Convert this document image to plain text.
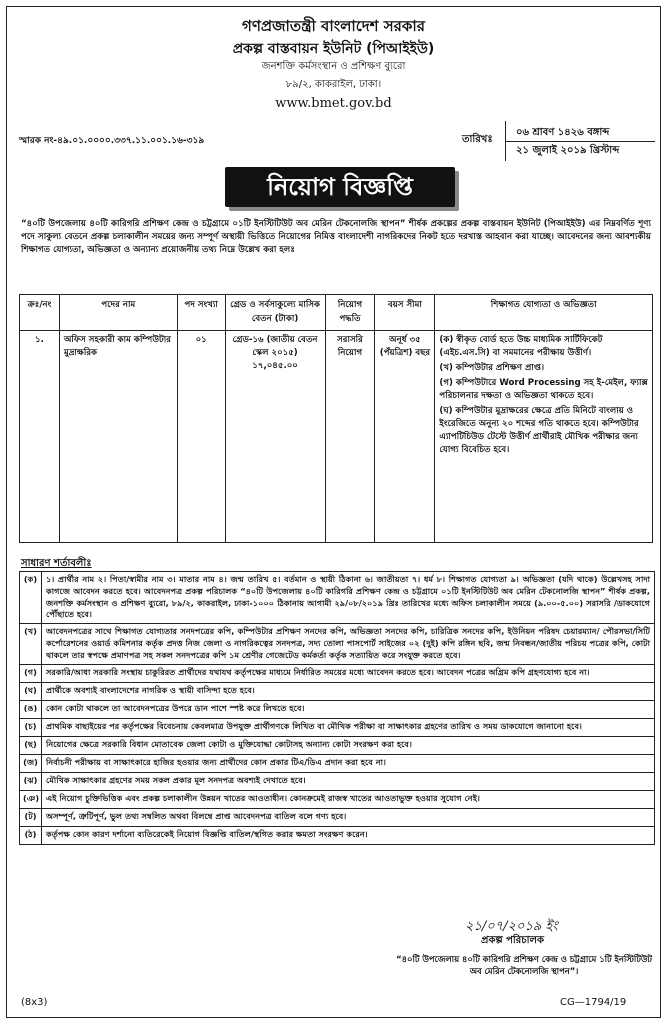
গণপ্রজাতন্ত্রী বাংলাদেশ সরকার
প্রকল্প বাস্তবায়ন ইউনিট (পিআইইউ)
জনশক্তি কর্মসংস্থান ও প্রশিক্ষণ ব্যুরো
৮৯/২, কাকরাইল, ঢাকা।
www.bmet.gov.bd
স্মারক নং-৪৯.০১.০০০০.৩৩৭.১১.০০১.১৬-৩১৯	তারিখঃ
০৬ শ্রাবণ ১৪২৬ বঙ্গাব্দ
২১ জুলাই ২০১৯ খ্রিস্টাব্দ
নিয়োগ বিজ্ঞপ্তি
“৪০টি উপজেলায় ৪০টি কারিগরি প্রশিক্ষণ কেন্দ্র ও চট্টগ্রামে ০১টি ইনস্টিটিউট অব মেরিন টেকনোলজি স্থাপন” শীর্ষক প্রকল্পের প্রকল্প বাস্তবায়ন ইউনিট (পিআইইউ) এর নিম্নবর্ণিত শূণ্য পদে সাকুল্য বেতনে প্রকল্প চলাকালীন সময়ের জন্য সম্পূর্ণ অস্থায়ী ভিত্তিতে নিয়োগের নিমিত্ত বাংলাদেশী নাগরিকদের নিকট হতে দরখাস্ত আহবান করা যাচ্ছে। আবেদনের জন্য আবশ্যকীয় শিক্ষাগত যোগ্যতা, অভিজ্ঞতা ও অন্যান্য প্রয়োজনীয় তথ্য নিম্নে উল্লেখ করা হলঃ
ক্রঃ/নং	পদের নাম	পদ সংখ্যা	গ্রেড ও সর্বসাকুল্যে মাসিক বেতন (টাকা)	নিয়োগ পদ্ধতি	বয়স সীমা	শিক্ষাগত যোগ্যতা ও অভিজ্ঞতা
১.	অফিস সহকারী কাম কম্পিউটার মুদ্রাক্ষরিক	০১	গ্রেড-১৬ (জাতীয় বেতন স্কেল ২০১৫) ১৭,০৪৫.০০	সরাসরি নিয়োগ	অনূর্ধ ৩৫ (পঁয়ত্রিশ) বছর	(ক) স্বীকৃত বোর্ড হতে উচ্চ মাধ্যমিক সার্টিফিকেট (এইচ.এস.সি) বা সমমানের পরীক্ষায় উত্তীর্ণ।
(খ) কম্পিউটার প্রশিক্ষণ প্রাপ্ত।
(গ) কম্পিউটারে Word Processing সহ ই-মেইল, ফ্যাক্স পরিচালনার দক্ষতা ও অভিজ্ঞতা থাকতে হবে।
(ঘ) কম্পিউটার মুদ্রাক্ষরের ক্ষেত্রে প্রতি মিনিটে বাংলায় ও ইংরেজিতে অনুন্য ২০ শব্দের গতি থাকতে হবে। কম্পিউটার এ্যাপটিচিউড টেস্টে উত্তীর্ণ প্রার্থীরাই মৌখিক পরীক্ষার জন্য যোগ্য বিবেচিত হবে।
সাধারণ শর্তাবলীঃ
(ক)	১। প্রার্থীর নাম ২। পিতা/স্বামীর নাম ৩। মাতার নাম ৪। জন্ম তারিখ ৫। বর্তমান ও স্থায়ী ঠিকানা ৬। জাতীয়তা ৭। ধর্ম ৮। শিক্ষাগত যোগ্যতা ৯। অভিজ্ঞতা (যদি থাকে) উল্লেখসহ সাদা কাগজে আবেদন করতে হবে। আবেদনপত্র প্রকল্প পরিচালক “৪০টি উপজেলায় ৪০টি কারিগরি প্রশিক্ষণ কেন্দ্র ও চট্টগ্রামে ০১টি ইনস্টিটিউট অব মেরিন টেকনোলজি স্থাপন” শীর্ষক প্রকল্প, জনশক্তি কর্মসংস্থান ও প্রশিক্ষণ ব্যুরো, ৮৯/২, কাকরাইল, ঢাকা-১০০০ ঠিকানায় আগামী ২৯/০৮/২০১৯ খ্রিঃ তারিখের মধ্যে অফিস চলাকালীন সময়ে (৯.০০-৫.০০) সরাসরি /ডাকযোগে পৌঁছাতে হবে।
(খ)	আবেদনপত্রের সাথে শিক্ষাগত যোগ্যতার সনদপত্রের কপি, কম্পিউটার প্রশিক্ষণ সনদের কপি, অভিজ্ঞতা সনদের কপি, চারিত্রিক সনদের কপি, ইউনিয়ন পরিষদ চেয়ারম্যান/ পৌরসভা/সিটি কর্পোরেশনের ওয়ার্ড কমিশনার কর্তৃক প্রদত্ত নিজ জেলা ও নাগরিকত্বের সনদপত্র, সদ্য তোলা পাসপোর্ট সাইজের ০২ (দুই) কপি রঙ্গিন ছবি, জন্ম নিবন্ধন/জাতীয় পরিচয় পত্রের কপি, কোটা থাকলে তার স্বপক্ষে প্রমাণপত্র সহ সকল সনদপত্রের কপি ১ম শ্রেণীর গেজেটেড কর্মকর্তা কর্তৃক সত্যায়িত করে সংযুক্ত করতে হবে।
(গ)	সরকারি/আধা সরকারি সংস্থায় চাকুরিরত প্রার্থীদের যথাযথ কর্তৃপক্ষের মাধ্যমে নির্ধারিত সময়ের মধ্যে আবেদন করতে হবে। আবেদন পত্রের অগ্রিম কপি গ্রহণযোগ্য হবে না।
(ঘ)	প্রার্থীকে অবশ্যই বাংলাদেশের নাগরিক ও স্থায়ী বাসিন্দা হতে হবে।
(ঙ)	কোন কোটা থাকলে তা আবেদনপত্রের উপরে ডান পাশে স্পষ্ট করে লিখতে হবে।
(চ)	প্রাথমিক বাছাইয়ের পর কর্তৃপক্ষের বিবেচনায় কেবলমাত্র উপযুক্ত প্রার্থীগণকে লিখিত বা মৌখিক পরীক্ষা বা সাক্ষাৎকার গ্রহণের তারিখ ও সময় ডাকযোগে জানানো হবে।
(ছ)	নিয়োগের ক্ষেত্রে সরকারি বিধান মোতাবেক জেলা কোটা ও মুক্তিযোদ্ধা কোটাসহ অন্যান্য কোটা সংরক্ষণ করা হবে।
(জ) নির্বাচনী পরীক্ষায় বা সাক্ষাৎকারে হাজির হওয়ার জন্য প্রার্থীদের কোন প্রকার টিএ/ডিএ প্রদান করা হবে না।
(ঝ)	মৌখিক সাক্ষাৎকার গ্রহণের সময় সকল প্রকার মূল সনদপত্র অবশ্যই দেখাতে হবে।
(ঞ) এই নিয়োগ চুক্তিভিত্তিক এবং প্রকল্প চলাকালীন উন্নয়ন খাতের আওতাধীন। কোনক্রমেই রাজস্ব খাতের আওতাভুক্ত হওয়ার সুযোগ নেই।
(ট)	অসম্পূর্ণ, ত্রুটিপূর্ণ, ভুল তথ্য সম্বলিত অথবা বিলম্বে প্রাপ্ত আবেদনপত্র বাতিল বলে গণ্য হবে।
(ঠ)	কর্তৃপক্ষ কোন কারণ দর্শানো ব্যতিরেকেই নিয়োগ বিজ্ঞপ্তি বাতিল/স্থগিত করার ক্ষমতা সংরক্ষণ করেন।
২১/০৭/২০১৯ ইং
প্রকল্প পরিচালক
“৪০টি উপজেলায় ৪০টি কারিগরি প্রশিক্ষণ কেন্দ্র ও চট্টগ্রামে ১টি ইনস্টিটিউট অব মেরিন টেকনোলজি স্থাপন”।
(8x3)	CG—1794/19
